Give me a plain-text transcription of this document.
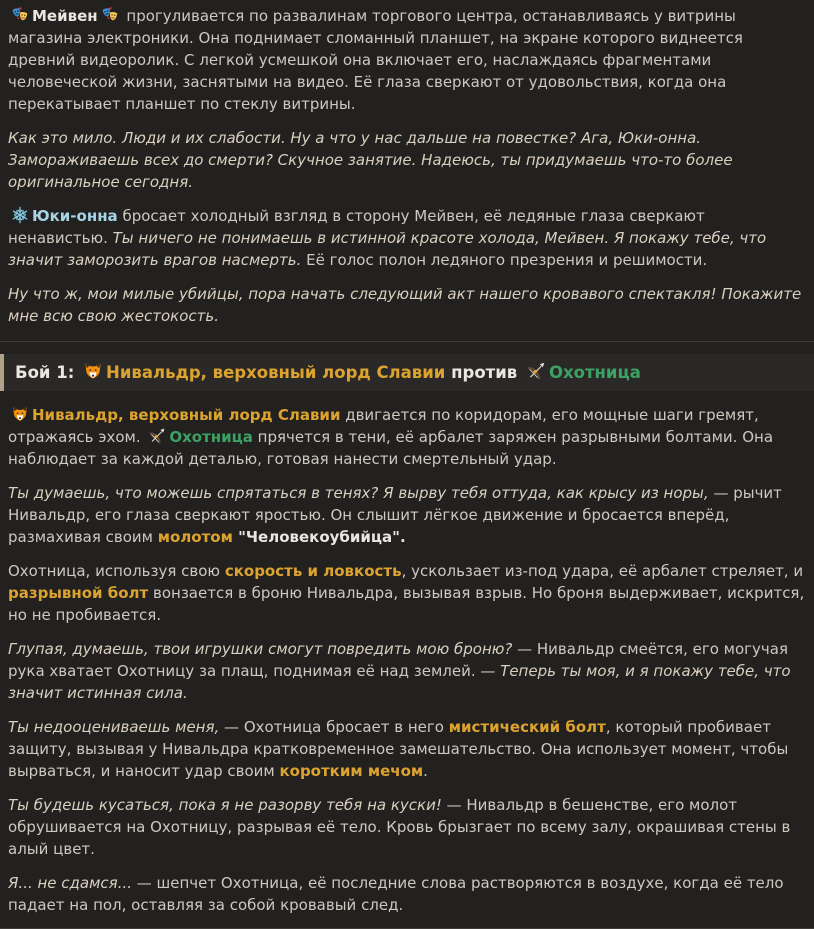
Мейвен прогуливается по развалинам торгового центра, останавливаясь у витрины магазина электроники. Она поднимает сломанный планшет, на экране которого виднеется древний видеоролик. С легкой усмешкой она включает его, наслаждаясь фрагментами человеческой жизни, заснятыми на видео. Её глаза сверкают от удовольствия, когда она перекатывает планшет по стеклу витрины.
Как это мило. Люди и их слабости. Ну а что у нас дальше на повестке? Ага, Юки-онна. Замораживаешь всех до смерти? Скучное занятие. Надеюсь, ты придумаешь что-то более оригинальное сегодня.
Юки-онна бросает холодный взгляд в сторону Мейвен, её ледяные глаза сверкают ненавистью. Ты ничего не понимаешь в истинной красоте холода, Мейвен. Я покажу тебе, что значит заморозить врагов насмерть. Её голос полон ледяного презрения и решимости.
Ну что ж, мои милые убийцы, пора начать следующий акт нашего кровавого спектакля! Покажите мне всю свою жестокость.
Бой 1: Нивальдр, верховный лорд Славии против Охотница
Нивальдр, верховный лорд Славии двигается по коридорам, его мощные шаги гремят, отражаясь эхом. Охотница прячется в тени, её арбалет заряжен разрывными болтами. Она наблюдает за каждой деталью, готовая нанести смертельный удар.
Ты думаешь, что можешь спрятаться в тенях? Я вырву тебя оттуда, как крысу из норы, — рычит Нивальдр, его глаза сверкают яростью. Он слышит лёгкое движение и бросается вперёд, размахивая своим молотом "Человекоубийца".
Охотница, используя свою скорость и ловкость, ускользает из-под удара, её арбалет стреляет, и разрывной болт вонзается в броню Нивальдра, вызывая взрыв. Но броня выдерживает, искрится, но не пробивается.
Глупая, думаешь, твои игрушки смогут повредить мою броню? — Нивальдр смеётся, его могучая рука хватает Охотницу за плащ, поднимая её над землей. — Теперь ты моя, и я покажу тебе, что значит истинная сила.
Ты недооцениваешь меня, — Охотница бросает в него мистический болт, который пробивает защиту, вызывая у Нивальдра кратковременное замешательство. Она использует момент, чтобы вырваться, и наносит удар своим коротким мечом.
Ты будешь кусаться, пока я не разорву тебя на куски! — Нивальдр в бешенстве, его молот обрушивается на Охотницу, разрывая её тело. Кровь брызгает по всему залу, окрашивая стены в алый цвет.
Я... не сдамся... — шепчет Охотница, её последние слова растворяются в воздухе, когда её тело падает на пол, оставляя за собой кровавый след.
